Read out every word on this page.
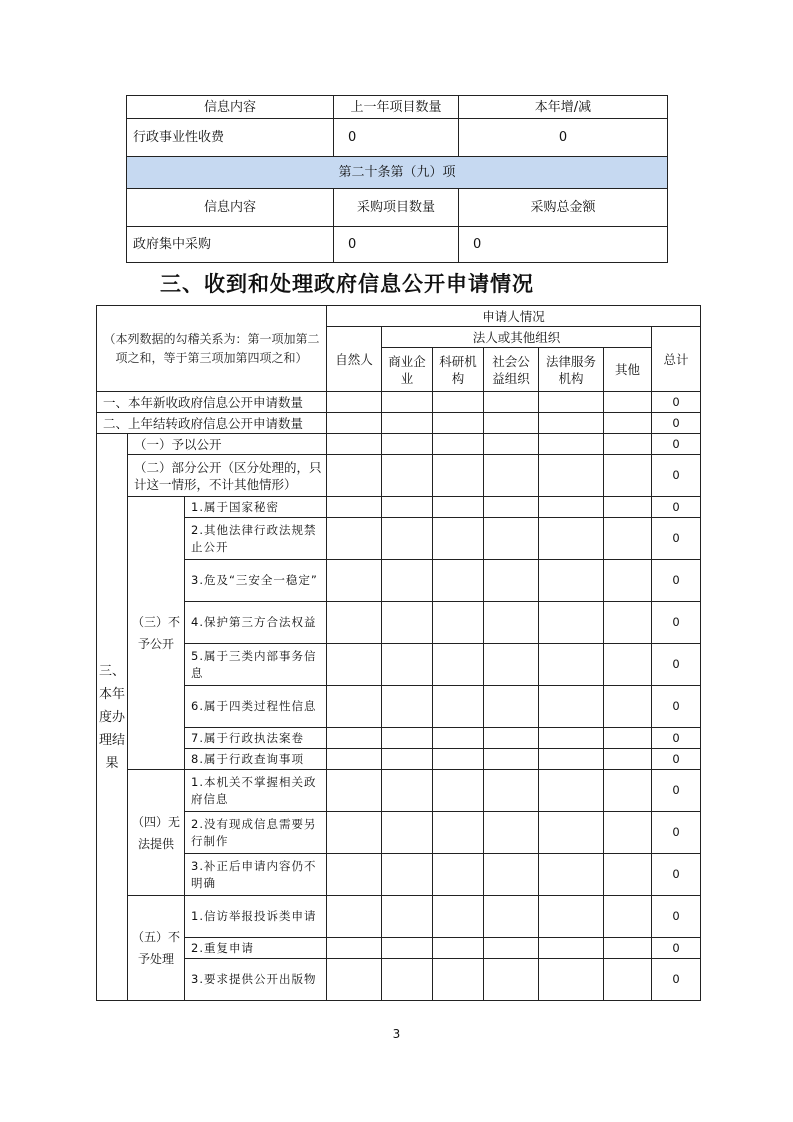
信息内容	上一年项目数量	本年增/减
行政事业性收费	0	0
第二十条第（九）项		
信息内容	采购项目数量	采购总金额
政府集中采购	0	0
三、收到和处理政府信息公开申请情况
（本列数据的勾稽关系为：第一项加第二项之和，等于第三项加第四项之和）			申请人情况						
			自然人	法人或其他组织					总计
				商业企业	科研机构	社会公益组织	法律服务机构	其他	
一、本年新收政府信息公开申请数量									0
二、上年结转政府信息公开申请数量									0
三、本年度办理结果	（一）予以公开								0
	（二）部分公开（区分处理的，只计这一情形，不计其他情形）								0
	（三）不予公开	1.属于国家秘密							0
		2.其他法律行政法规禁止公开							0
		3.危及“三安全一稳定”							0
		4.保护第三方合法权益							0
		5.属于三类内部事务信息							0
		6.属于四类过程性信息							0
		7.属于行政执法案卷							0
		8.属于行政查询事项							0
	（四）无法提供	1.本机关不掌握相关政府信息							0
		2.没有现成信息需要另行制作							0
		3.补正后申请内容仍不明确							0
	（五）不予处理	1.信访举报投诉类申请							0
		2.重复申请							0
		3.要求提供公开出版物							0
3
